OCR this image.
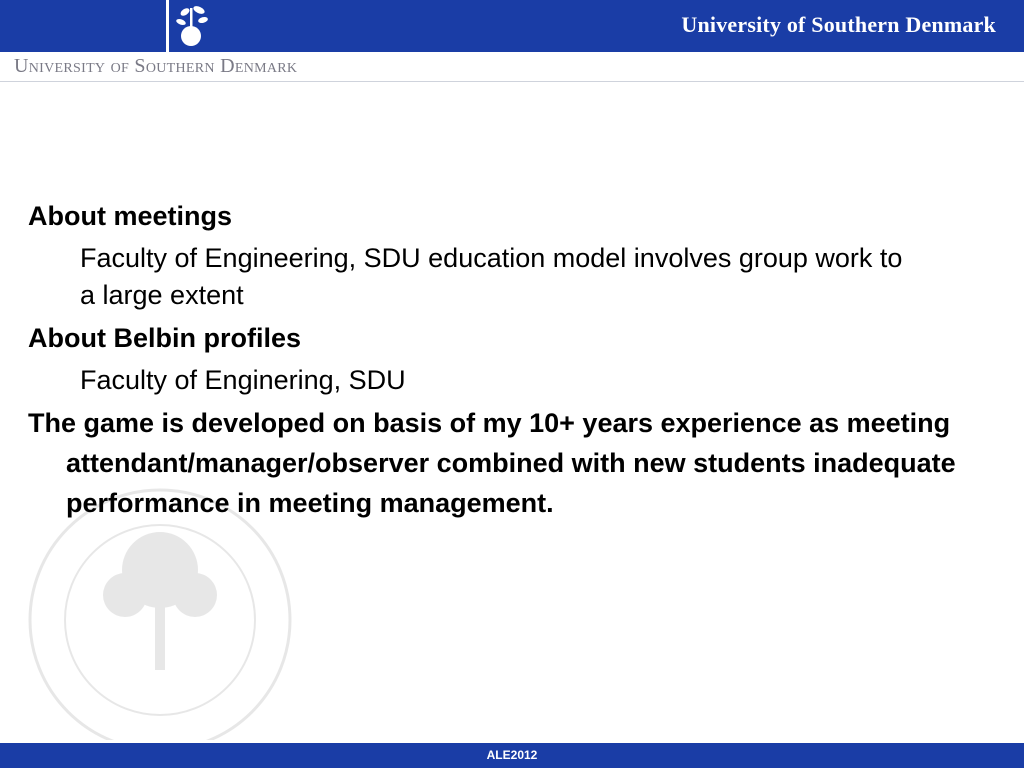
University of Southern Denmark
University of Southern Denmark

About meetings

Faculty of Engineering, SDU education model involves group work to a large extent

About Belbin profiles

Faculty of Enginering, SDU

The game is developed on basis of my 10+ years experience as meeting attendant/manager/observer combined with new students inadequate performance in meeting management.

ALE2012
